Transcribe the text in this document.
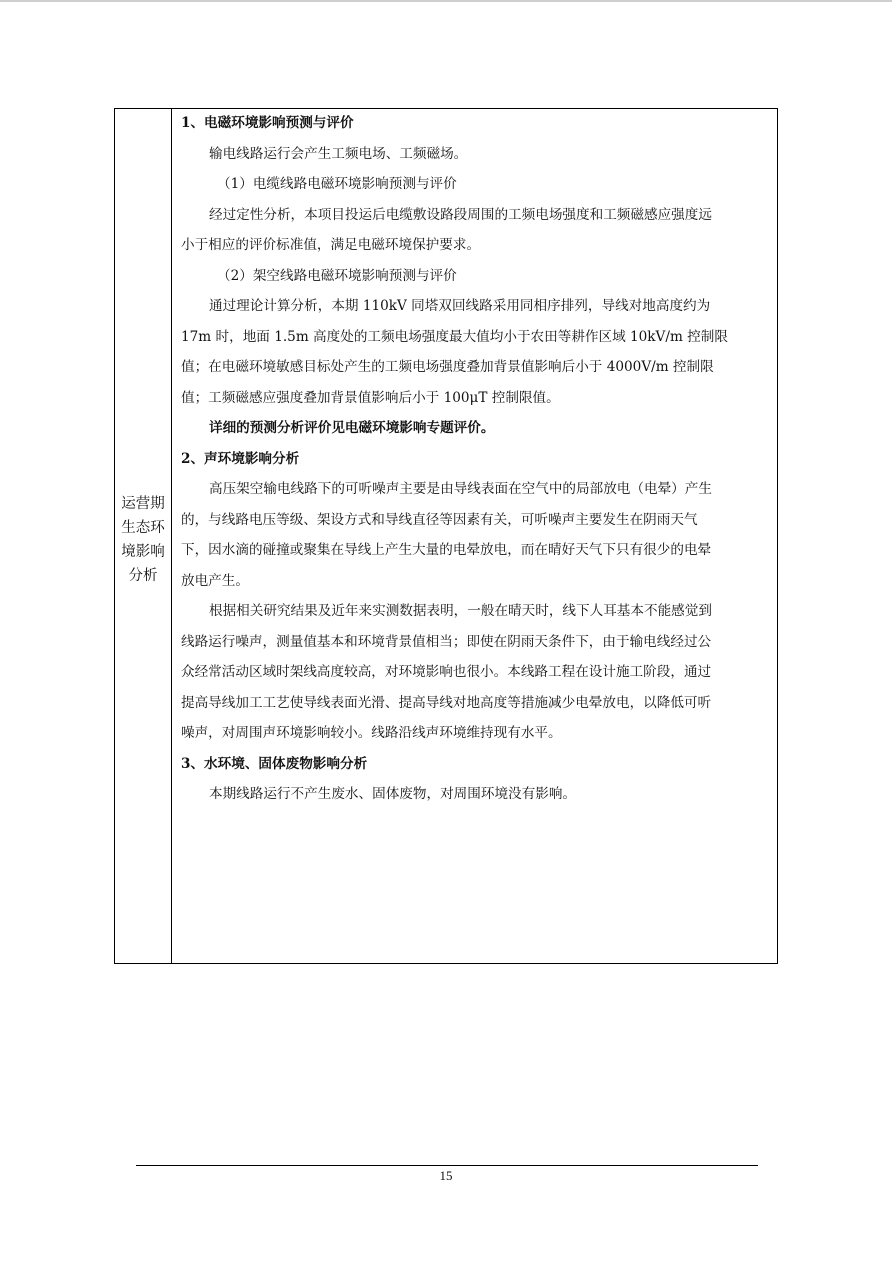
运营期
生态环
境影响
分析

1、电磁环境影响预测与评价

输电线路运行会产生工频电场、工频磁场。

（1）电缆线路电磁环境影响预测与评价

经过定性分析，本项目投运后电缆敷设路段周围的工频电场强度和工频磁感应强度远

小于相应的评价标准值，满足电磁环境保护要求。

（2）架空线路电磁环境影响预测与评价

通过理论计算分析，本期 110kV 同塔双回线路采用同相序排列，导线对地高度约为

17m 时，地面 1.5m 高度处的工频电场强度最大值均小于农田等耕作区域 10kV/m 控制限

值；在电磁环境敏感目标处产生的工频电场强度叠加背景值影响后小于 4000V/m 控制限

值；工频磁感应强度叠加背景值影响后小于 100μT 控制限值。

详细的预测分析评价见电磁环境影响专题评价。

2、声环境影响分析

高压架空输电线路下的可听噪声主要是由导线表面在空气中的局部放电（电晕）产生

的，与线路电压等级、架设方式和导线直径等因素有关，可听噪声主要发生在阴雨天气

下，因水滴的碰撞或聚集在导线上产生大量的电晕放电，而在晴好天气下只有很少的电晕

放电产生。

根据相关研究结果及近年来实测数据表明，一般在晴天时，线下人耳基本不能感觉到

线路运行噪声，测量值基本和环境背景值相当；即使在阴雨天条件下，由于输电线经过公

众经常活动区域时架线高度较高，对环境影响也很小。本线路工程在设计施工阶段，通过

提高导线加工工艺使导线表面光滑、提高导线对地高度等措施减少电晕放电，以降低可听

噪声，对周围声环境影响较小。线路沿线声环境维持现有水平。

3、水环境、固体废物影响分析

本期线路运行不产生废水、固体废物，对周围环境没有影响。

15
